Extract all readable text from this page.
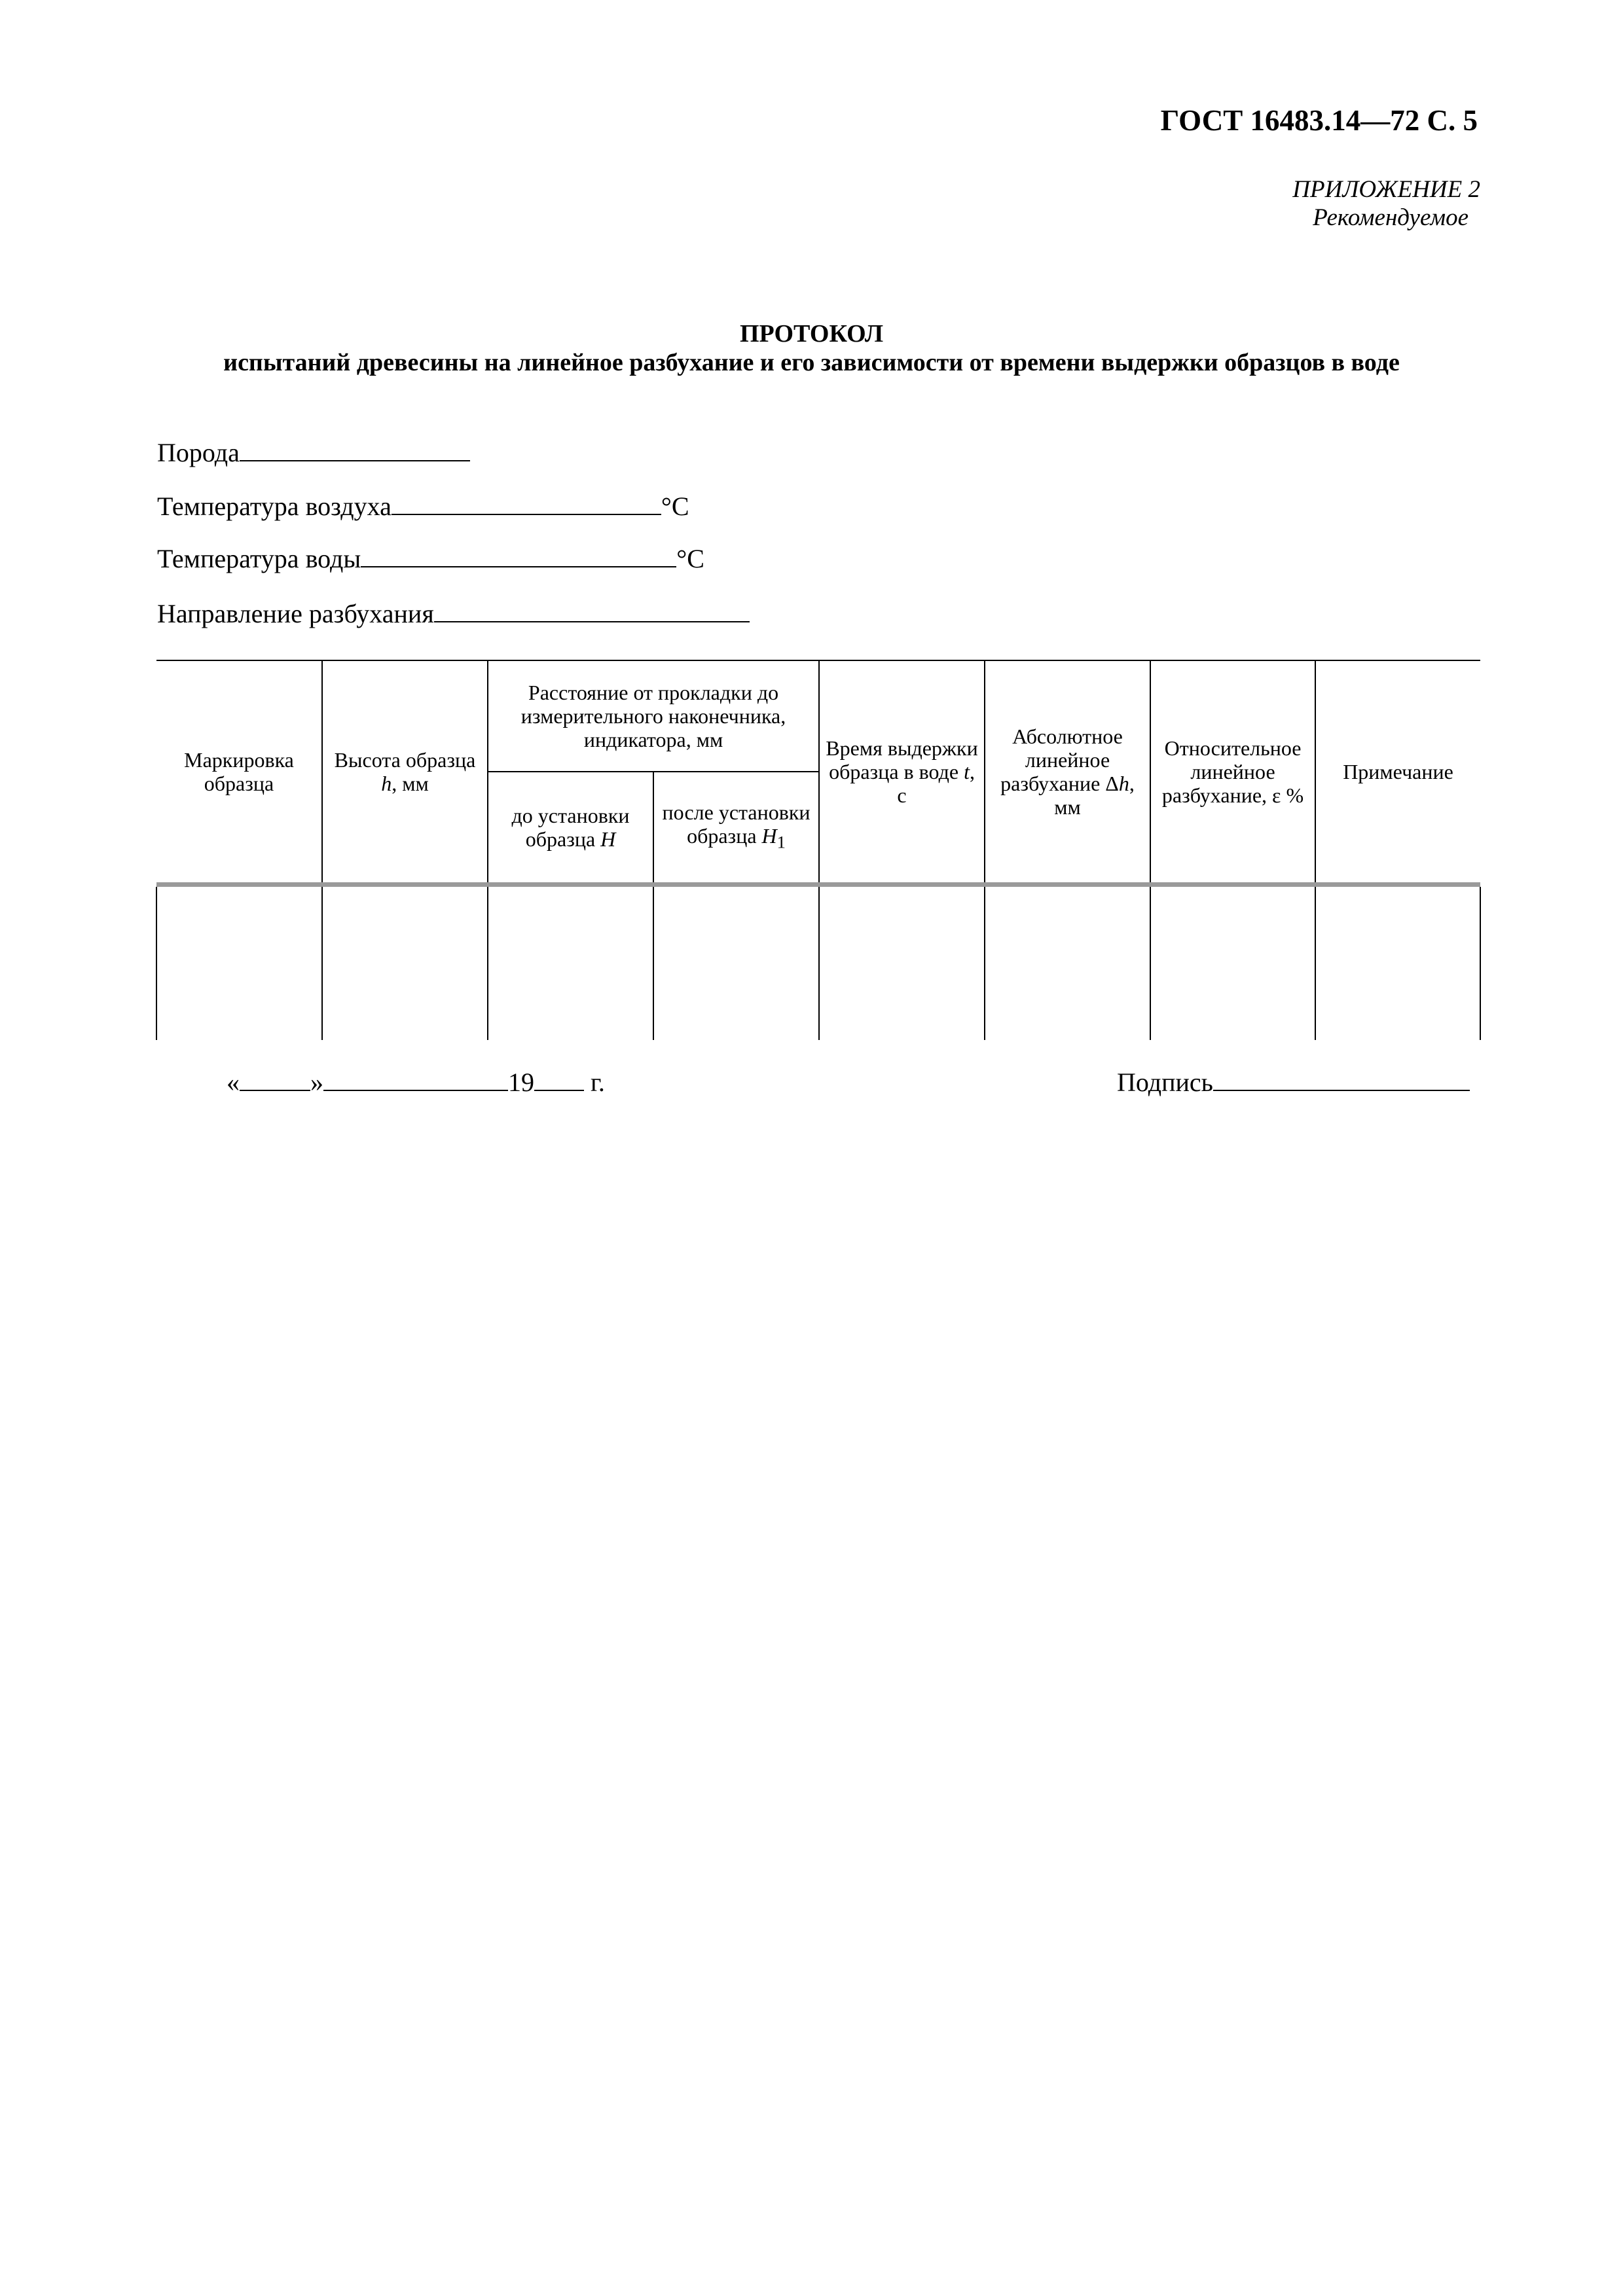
ГОСТ 16483.14—72 С. 5
ПРИЛОЖЕНИЕ 2

Рекомендуемое
ПРОТОКОЛ
испытаний древесины на линейное разбухание и его зависимости от времени выдержки образцов в воде
Порода
Температура воздуха	°С
Температура воды	°С
Направление разбухания
Маркировка образца	Высота образца h, мм	Расстояние от прокладки до измерительного наконечника, индикатора, мм		Время выдержки образца в воде t, с	Абсолютное линейное разбухание Δh, мм	Относительное линейное разбухание, ε %	Примечание
		до установки образца H	после установки образца $H_1$

«	»	19 г.	Подпись
